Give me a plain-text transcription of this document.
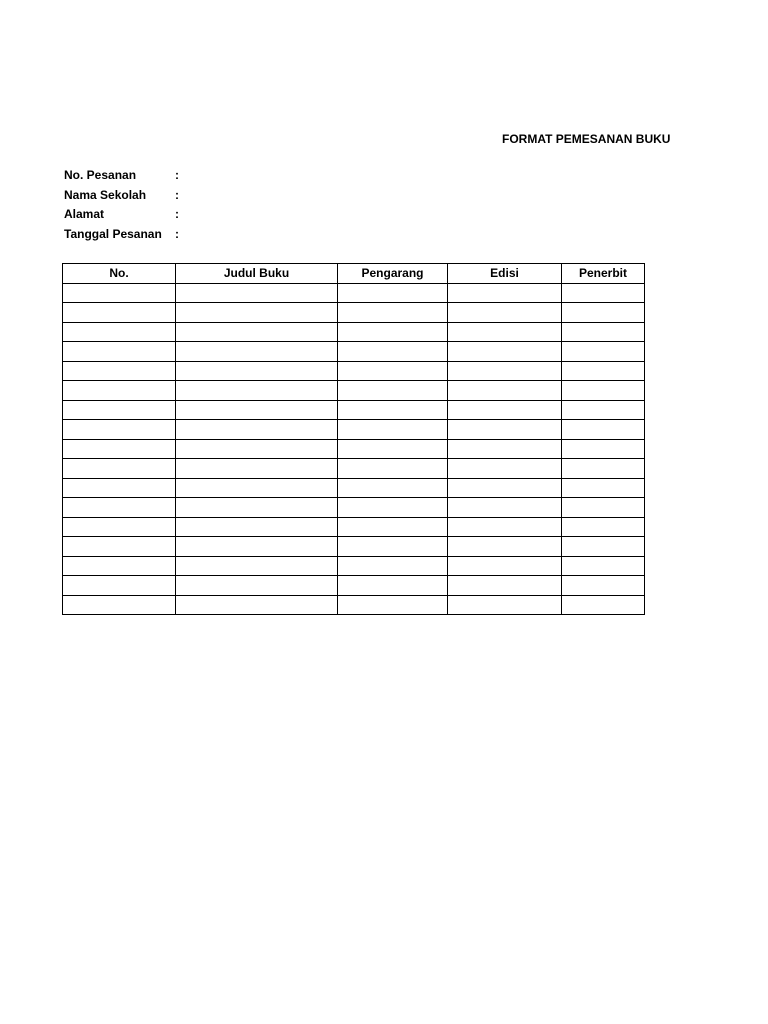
FORMAT PEMESANAN BUKU
No. Pesanan	:
Nama Sekolah :
Alamat	:
Tanggal Pesanan :
No.	Judul Buku	Pengarang	Edisi	Penerbit
